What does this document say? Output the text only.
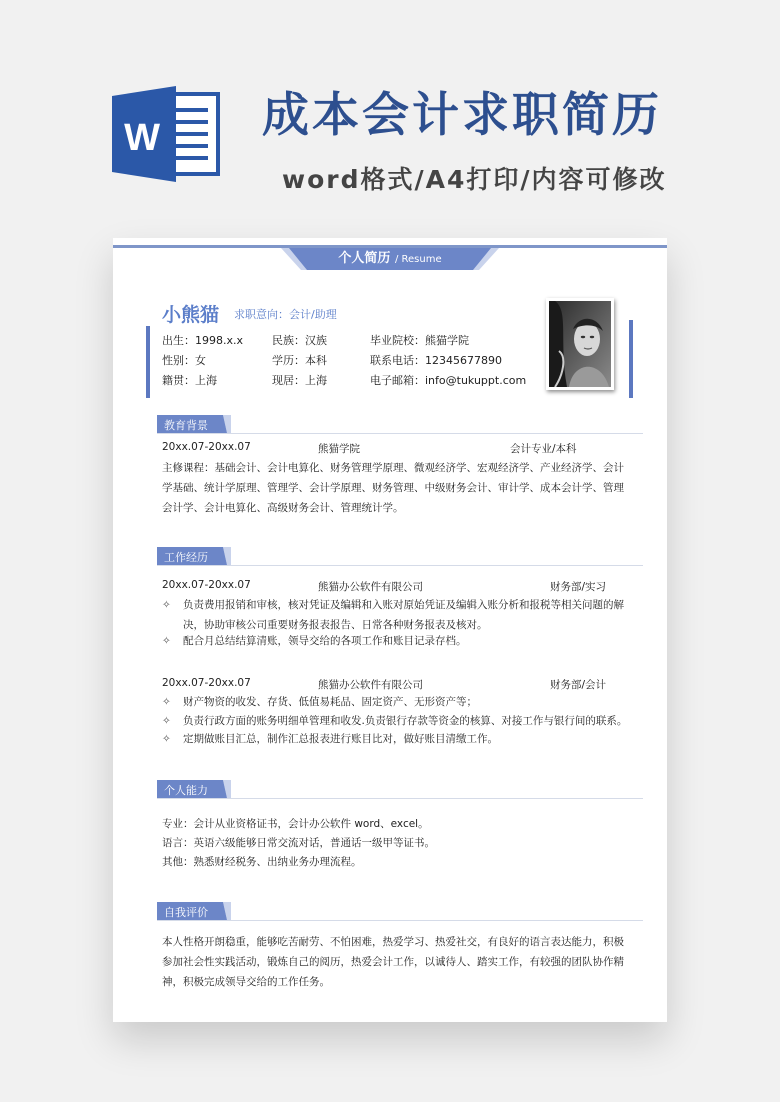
W 成本会计求职简历
word格式/A4打印/内容可修改
个人简历 / Resume
小熊猫 求职意向：会计/助理
出生：1998.x.x	民族：汉族	毕业院校：熊猫学院
性别：女	学历：本科	联系电话：12345677890
籍贯：上海	现居：上海	电子邮箱：info@tukuppt.com
教育背景
20xx.07-20xx.07	熊猫学院	会计专业/本科
主修课程：基础会计、会计电算化、财务管理学原理、微观经济学、宏观经济学、产业经济学、会计学基础、统计学原理、管理学、会计学原理、财务管理、中级财务会计、审计学、成本会计学、管理会计学、会计电算化、高级财务会计、管理统计学。
工作经历
20xx.07-20xx.07	熊猫办公软件有限公司	财务部/实习
✧	负责费用报销和审核，核对凭证及编辑和入账对原始凭证及编辑入账分析和报税等相关问题的解决，协助审核公司重要财务报表报告、日常各种财务报表及核对。
✧	配合月总结结算清账，领导交给的各项工作和账目记录存档。
20xx.07-20xx.07	熊猫办公软件有限公司	财务部/会计
✧	财产物资的收发、存货、低值易耗品、固定资产、无形资产等；
✧	负责行政方面的账务明细单管理和收发.负责银行存款等资金的核算、对接工作与银行间的联系。
✧	定期做账目汇总，制作汇总报表进行账目比对，做好账目清缴工作。
个人能力
专业：会计从业资格证书，会计办公软件 word、excel。
语言：英语六级能够日常交流对话，普通话一级甲等证书。
其他：熟悉财经税务、出纳业务办理流程。
自我评价
本人性格开朗稳重，能够吃苦耐劳、不怕困难，热爱学习、热爱社交，有良好的语言表达能力，积极参加社会性实践活动，锻炼自己的阅历，热爱会计工作，以诚待人、踏实工作，有较强的团队协作精神，积极完成领导交给的工作任务。
